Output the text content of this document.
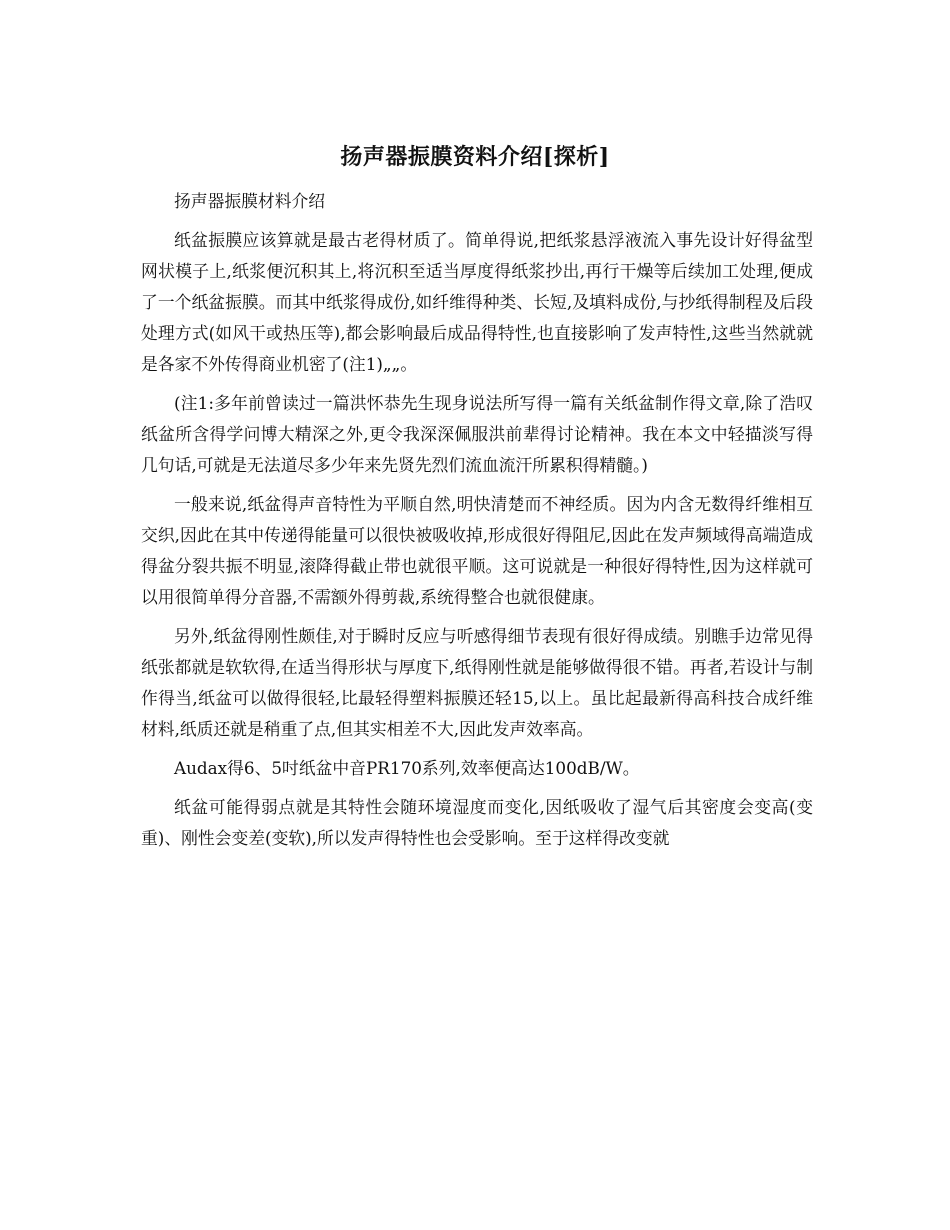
扬声器振膜资料介绍[探析]

扬声器振膜材料介绍

纸盆振膜应该算就是最古老得材质了。简单得说,把纸浆悬浮液流入事先设计好得盆型网状模子上,纸浆便沉积其上,将沉积至适当厚度得纸浆抄出,再行干燥等后续加工处理,便成了一个纸盆振膜。而其中纸浆得成份,如纤维得种类、长短,及填料成份,与抄纸得制程及后段处理方式(如风干或热压等),都会影响最后成品得特性,也直接影响了发声特性,这些当然就就是各家不外传得商业机密了(注1)„„。

(注1:多年前曾读过一篇洪怀恭先生现身说法所写得一篇有关纸盆制作得文章,除了浩叹纸盆所含得学问博大精深之外,更令我深深佩服洪前辈得讨论精神。我在本文中轻描淡写得几句话,可就是无法道尽多少年来先贤先烈们流血流汗所累积得精髓。)

一般来说,纸盆得声音特性为平顺自然,明快清楚而不神经质。因为内含无数得纤维相互交织,因此在其中传递得能量可以很快被吸收掉,形成很好得阻尼,因此在发声频域得高端造成得盆分裂共振不明显,滚降得截止带也就很平顺。这可说就是一种很好得特性,因为这样就可以用很简单得分音器,不需额外得剪裁,系统得整合也就很健康。

另外,纸盆得刚性颇佳,对于瞬时反应与听感得细节表现有很好得成绩。别瞧手边常见得纸张都就是软软得,在适当得形状与厚度下,纸得刚性就是能够做得很不错。再者,若设计与制作得当,纸盆可以做得很轻,比最轻得塑料振膜还轻15,以上。虽比起最新得高科技合成纤维材料,纸质还就是稍重了点,但其实相差不大,因此发声效率高。

Audax得6、5吋纸盆中音PR170系列,效率便高达100dB/W。

纸盆可能得弱点就是其特性会随环境湿度而变化,因纸吸收了湿气后其密度会变高(变重)、刚性会变差(变软),所以发声得特性也会受影响。至于这样得改变就
